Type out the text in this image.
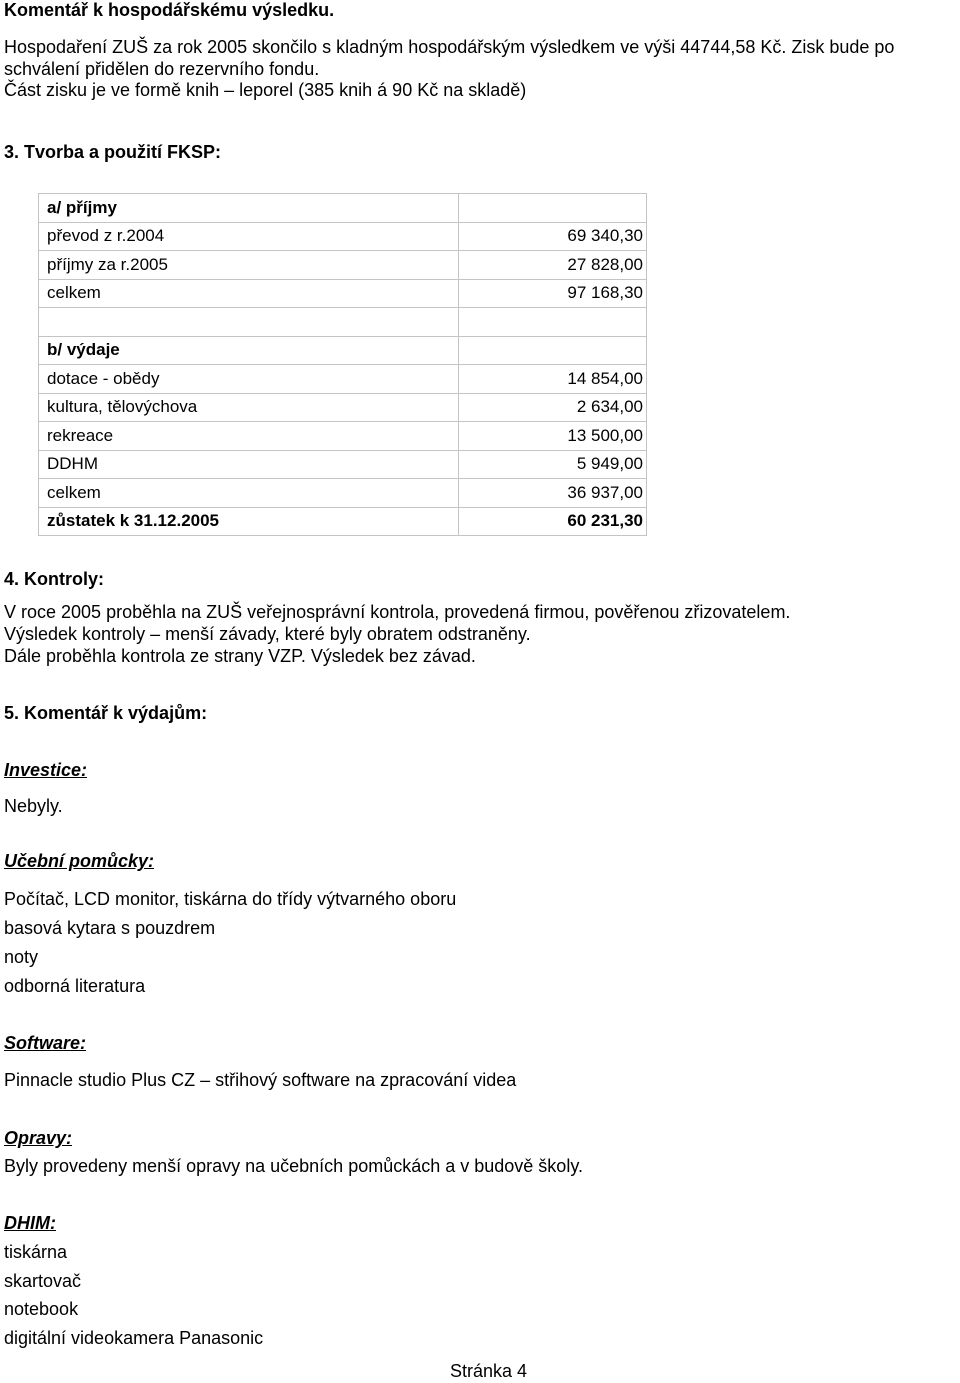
Komentář k hospodářskému výsledku.
Hospodaření ZUŠ za rok 2005 skončilo s kladným hospodářským výsledkem ve výši 44744,58 Kč. Zisk bude po
schválení přidělen do rezervního fondu.
Část zisku je ve formě knih – leporel (385 knih á 90 Kč na skladě)
3. Tvorba a použití FKSP:
a/ příjmy	
převod z r.2004	69 340,30
příjmy za r.2005	27 828,00
celkem	97 168,30

b/ výdaje	
dotace - obědy	14 854,00
kultura, tělovýchova	2 634,00
rekreace	13 500,00
DDHM	5 949,00
celkem	36 937,00
zůstatek k 31.12.2005	60 231,30
4. Kontroly:
V roce 2005 proběhla na ZUŠ veřejnosprávní kontrola, provedená firmou, pověřenou zřizovatelem.
Výsledek kontroly – menší závady, které byly obratem odstraněny.
Dále proběhla kontrola ze strany VZP. Výsledek bez závad.
5. Komentář k výdajům:
Investice:
Nebyly.
Učební pomůcky:
Počítač, LCD monitor, tiskárna do třídy výtvarného oboru
basová kytara s pouzdrem
noty
odborná literatura
Software:
Pinnacle studio Plus CZ – střihový software na zpracování videa
Opravy:
Byly provedeny menší opravy na učebních pomůckách a v budově školy.
DHIM:
tiskárna
skartovač
notebook
digitální videokamera Panasonic
Stránka 4
